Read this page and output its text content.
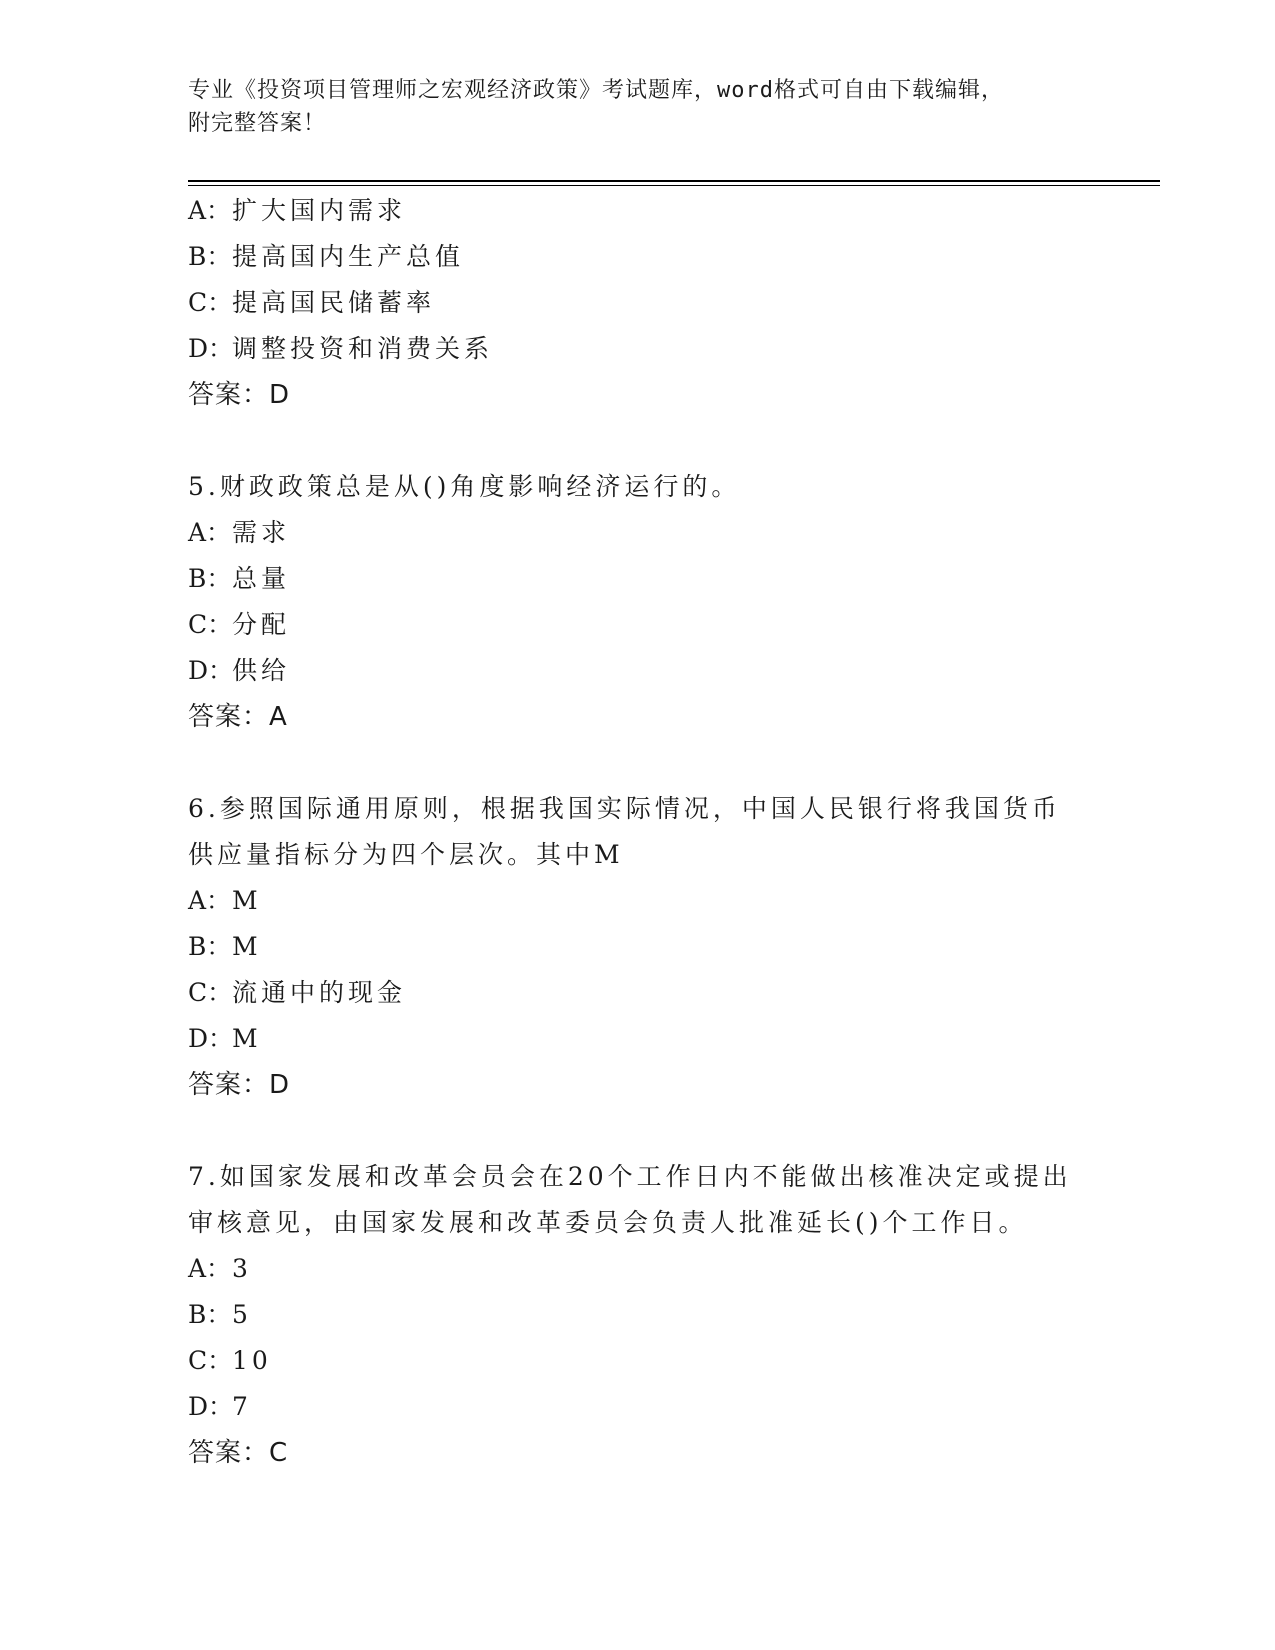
专业《投资项目管理师之宏观经济政策》考试题库，word格式可自由下载编辑，
附完整答案！
A：扩大国内需求
B：提高国内生产总值
C：提高国民储蓄率
D：调整投资和消费关系
答案：D
5.财政政策总是从()角度影响经济运行的。
A：需求
B：总量
C：分配
D：供给
答案：A
6.参照国际通用原则，根据我国实际情况，中国人民银行将我国货币
供应量指标分为四个层次。其中M
A：M
B：M
C：流通中的现金
D：M
答案：D
7.如国家发展和改革会员会在20个工作日内不能做出核准决定或提出
审核意见，由国家发展和改革委员会负责人批准延长()个工作日。
A：3
B：5
C：10
D：7
答案：C
